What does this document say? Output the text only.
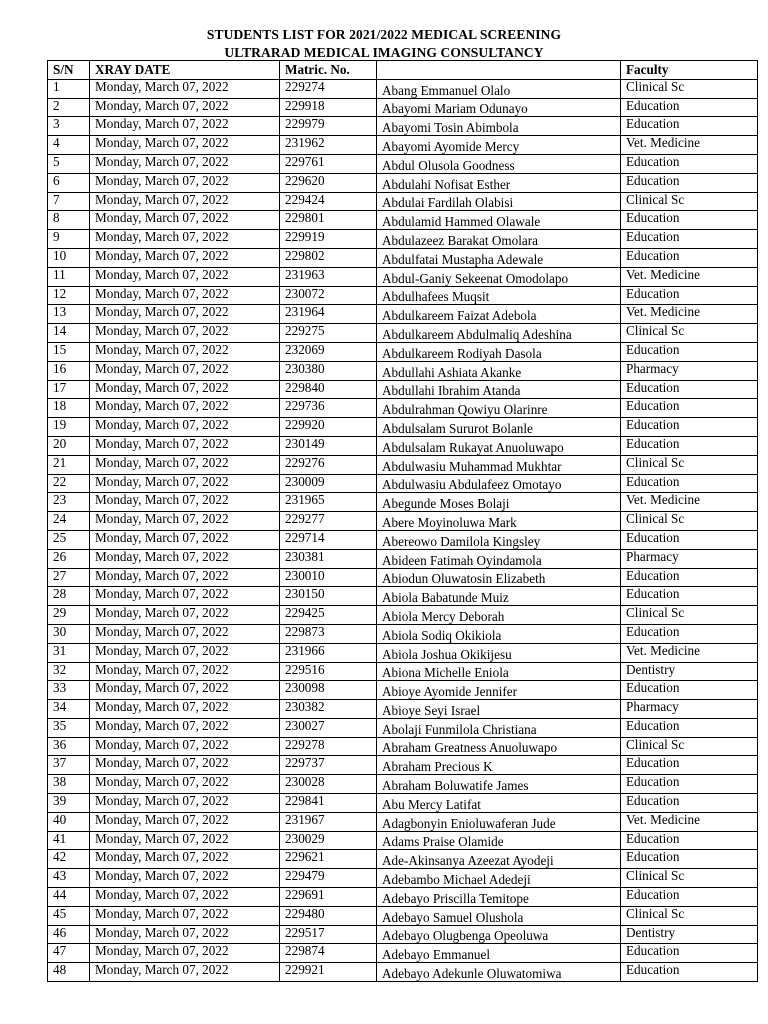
STUDENTS LIST FOR 2021/2022 MEDICAL SCREENING
ULTRARAD MEDICAL IMAGING CONSULTANCY
S/N	XRAY DATE	Matric. No.		Faculty
1	Monday, March 07, 2022	229274	Abang Emmanuel Olalo	Clinical Sc
2	Monday, March 07, 2022	229918	Abayomi Mariam Odunayo	Education
3	Monday, March 07, 2022	229979	Abayomi Tosin Abimbola	Education
4	Monday, March 07, 2022	231962	Abayomi Ayomide Mercy	Vet. Medicine
5	Monday, March 07, 2022	229761	Abdul Olusola Goodness	Education
6	Monday, March 07, 2022	229620	Abdulahi Nofisat Esther	Education
7	Monday, March 07, 2022	229424	Abdulai Fardilah Olabisi	Clinical Sc
8	Monday, March 07, 2022	229801	Abdulamid Hammed Olawale	Education
9	Monday, March 07, 2022	229919	Abdulazeez Barakat Omolara	Education
10	Monday, March 07, 2022	229802	Abdulfatai Mustapha Adewale	Education
11	Monday, March 07, 2022	231963	Abdul-Ganiy Sekeenat Omodolapo	Vet. Medicine
12	Monday, March 07, 2022	230072	Abdulhafees Muqsit	Education
13	Monday, March 07, 2022	231964	Abdulkareem Faizat Adebola	Vet. Medicine
14	Monday, March 07, 2022	229275	Abdulkareem Abdulmaliq Adeshina	Clinical Sc
15	Monday, March 07, 2022	232069	Abdulkareem Rodiyah Dasola	Education
16	Monday, March 07, 2022	230380	Abdullahi Ashiata Akanke	Pharmacy
17	Monday, March 07, 2022	229840	Abdullahi Ibrahim Atanda	Education
18	Monday, March 07, 2022	229736	Abdulrahman Qowiyu Olarinre	Education
19	Monday, March 07, 2022	229920	Abdulsalam Sururot Bolanle	Education
20	Monday, March 07, 2022	230149	Abdulsalam Rukayat Anuoluwapo	Education
21	Monday, March 07, 2022	229276	Abdulwasiu Muhammad Mukhtar	Clinical Sc
22	Monday, March 07, 2022	230009	Abdulwasiu Abdulafeez Omotayo	Education
23	Monday, March 07, 2022	231965	Abegunde Moses Bolaji	Vet. Medicine
24	Monday, March 07, 2022	229277	Abere Moyinoluwa Mark	Clinical Sc
25	Monday, March 07, 2022	229714	Abereowo Damilola Kingsley	Education
26	Monday, March 07, 2022	230381	Abideen Fatimah Oyindamola	Pharmacy
27	Monday, March 07, 2022	230010	Abiodun Oluwatosin Elizabeth	Education
28	Monday, March 07, 2022	230150	Abiola Babatunde Muiz	Education
29	Monday, March 07, 2022	229425	Abiola Mercy Deborah	Clinical Sc
30	Monday, March 07, 2022	229873	Abiola Sodiq Okikiola	Education
31	Monday, March 07, 2022	231966	Abiola Joshua Okikijesu	Vet. Medicine
32	Monday, March 07, 2022	229516	Abiona Michelle Eniola	Dentistry
33	Monday, March 07, 2022	230098	Abioye Ayomide Jennifer	Education
34	Monday, March 07, 2022	230382	Abioye Seyi Israel	Pharmacy
35	Monday, March 07, 2022	230027	Abolaji Funmilola Christiana	Education
36	Monday, March 07, 2022	229278	Abraham Greatness Anuoluwapo	Clinical Sc
37	Monday, March 07, 2022	229737	Abraham Precious K	Education
38	Monday, March 07, 2022	230028	Abraham Boluwatife James	Education
39	Monday, March 07, 2022	229841	Abu Mercy Latifat	Education
40	Monday, March 07, 2022	231967	Adagbonyin Enioluwaferan Jude	Vet. Medicine
41	Monday, March 07, 2022	230029	Adams Praise Olamide	Education
42	Monday, March 07, 2022	229621	Ade-Akinsanya Azeezat Ayodeji	Education
43	Monday, March 07, 2022	229479	Adebambo Michael Adedeji	Clinical Sc
44	Monday, March 07, 2022	229691	Adebayo Priscilla Temitope	Education
45	Monday, March 07, 2022	229480	Adebayo Samuel Olushola	Clinical Sc
46	Monday, March 07, 2022	229517	Adebayo Olugbenga Opeoluwa	Dentistry
47	Monday, March 07, 2022	229874	Adebayo Emmanuel	Education
48	Monday, March 07, 2022	229921	Adebayo Adekunle Oluwatomiwa	Education
